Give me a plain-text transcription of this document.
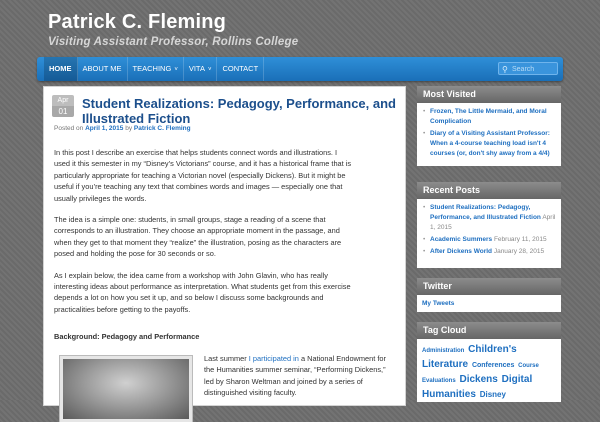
Patrick C. Fleming
Visiting Assistant Professor, Rollins College
HOME	ABOUT ME	TEACHING ˅	VITA ˅	CONTACT	⚲ Search
Apr
01
Student Realizations: Pedagogy, Performance, and Illustrated Fiction
Posted on April 1, 2015 by Patrick C. Fleming

In this post I describe an exercise that helps students connect words and illustrations. I used it this semester in my “Disney’s Victorians” course, and it has a historical frame that is particularly appropriate for teaching a Victorian novel (especially Dickens). But it might be useful if you’re teaching any text that combines words and images — especially one that usually privileges the words.

The idea is a simple one: students, in small groups, stage a reading of a scene that corresponds to an illustration. They choose an appropriate moment in the passage, and when they get to that moment they “realize” the illustration, posing as the characters are posed and holding the pose for 30 seconds or so.

As I explain below, the idea came from a workshop with John Glavin, who has really interesting ideas about performance as interpretation. What students get from this exercise depends a lot on how you set it up, and so below I discuss some backgrounds and practicalities before getting to the payoffs.

Background: Pedagogy and Performance
Last summer I participated in a National Endowment for the Humanities summer seminar, “Performing Dickens,” led by Sharon Weltman and joined by a series of distinguished visiting faculty.
Most Visited
• Frozen, The Little Mermaid, and Moral Complication
• Diary of a Visiting Assistant Professor: When a 4-course teaching load isn't 4 courses (or, don't shy away from a 4/4)
Recent Posts
• Student Realizations: Pedagogy, Performance, and Illustrated Fiction April 1, 2015
• Academic Summers February 11, 2015
• After Dickens World January 28, 2015
Twitter
My Tweets
Tag Cloud
Administration Children's Literature Conferences Course Evaluations Dickens Digital Humanities Disney
